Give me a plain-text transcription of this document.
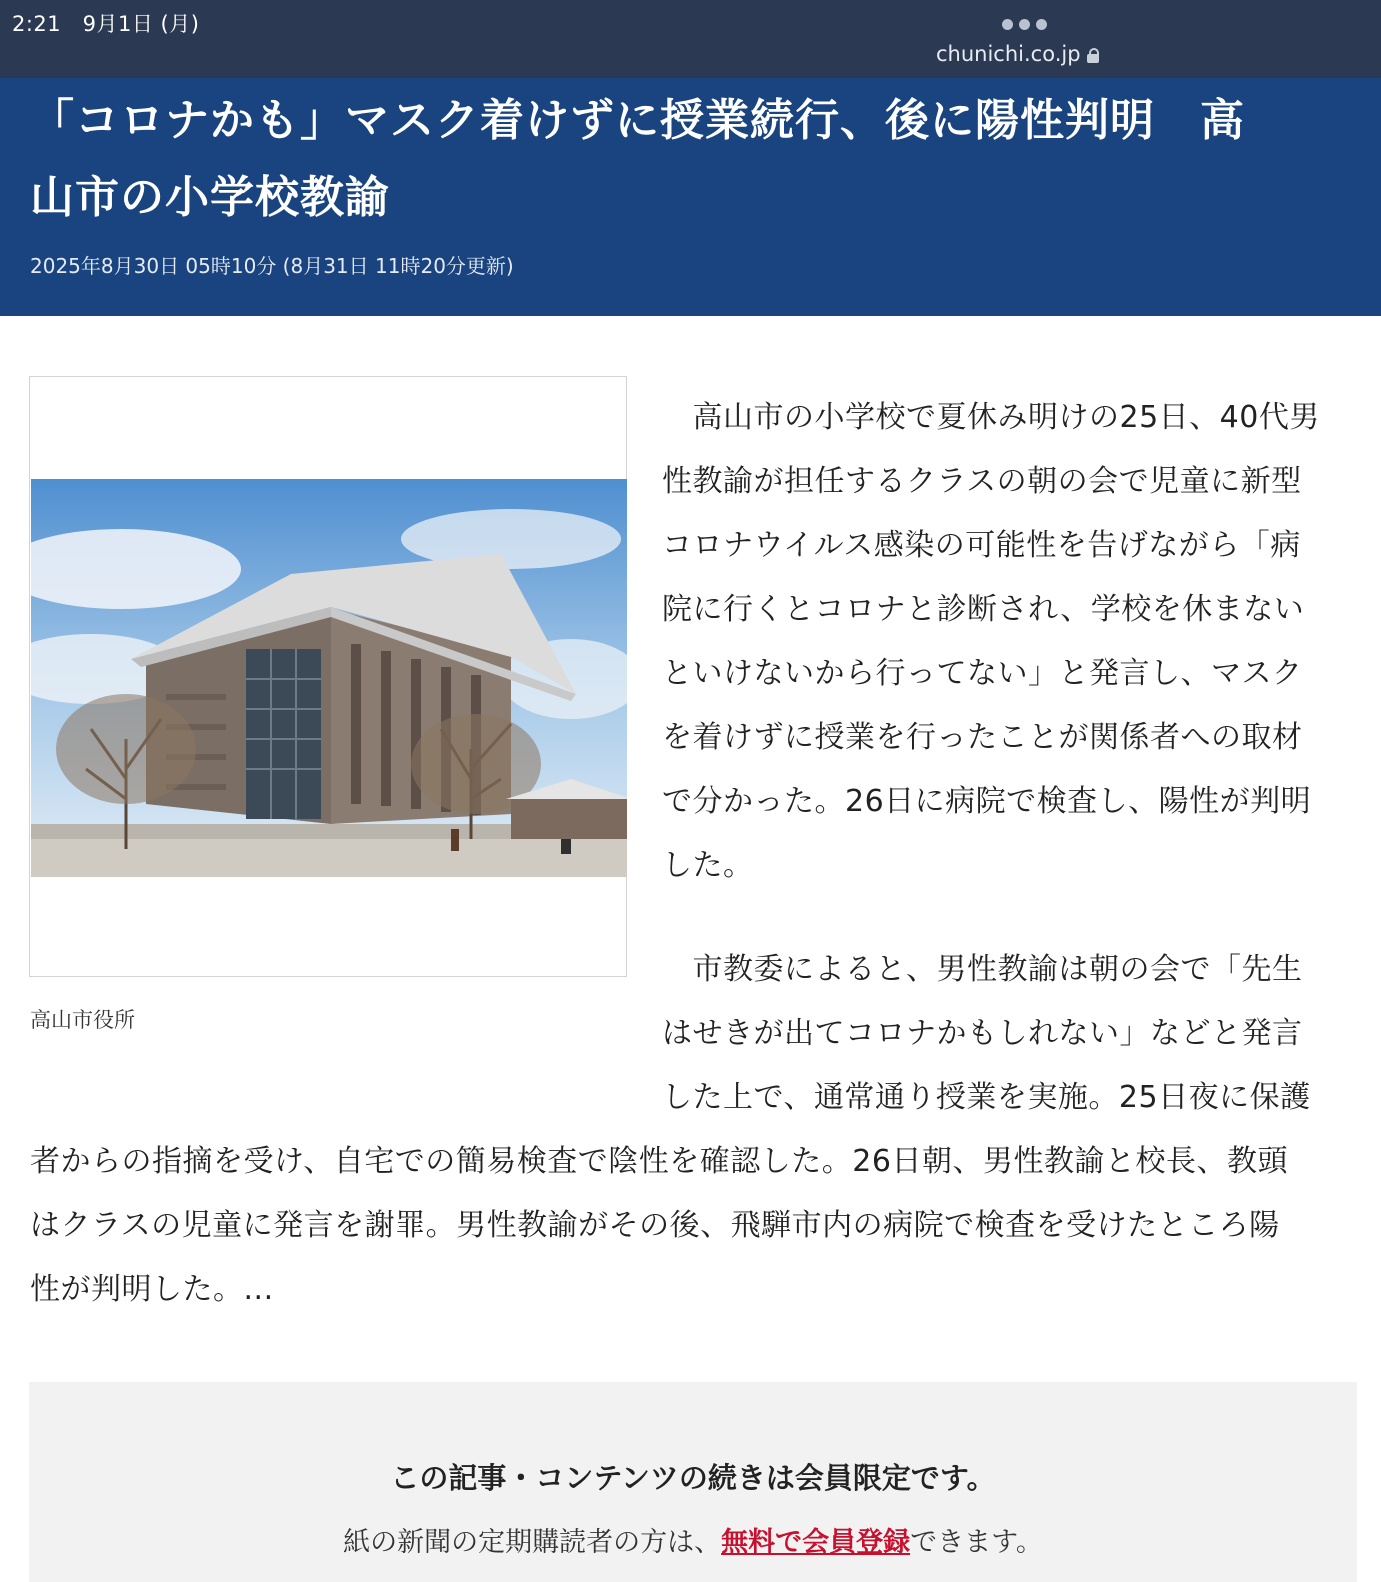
2:21　9月1日 (月)
chunichi.co.jp
「コロナかも」マスク着けずに授業続行、後に陽性判明　高
山市の小学校教諭
2025年8月30日 05時10分 (8月31日 11時20分更新)
高山市役所
　高山市の小学校で夏休み明けの25日、40代男
性教諭が担任するクラスの朝の会で児童に新型
コロナウイルス感染の可能性を告げながら「病
院に行くとコロナと診断され、学校を休まない
といけないから行ってない」と発言し、マスク
を着けずに授業を行ったことが関係者への取材
で分かった。26日に病院で検査し、陽性が判明
した。
　市教委によると、男性教諭は朝の会で「先生
はせきが出てコロナかもしれない」などと発言
した上で、通常通り授業を実施。25日夜に保護
者からの指摘を受け、自宅での簡易検査で陰性を確認した。26日朝、男性教諭と校長、教頭
はクラスの児童に発言を謝罪。男性教諭がその後、飛騨市内の病院で検査を受けたところ陽
性が判明した。...
この記事・コンテンツの続きは会員限定です。
紙の新聞の定期購読者の方は、無料で会員登録できます。
